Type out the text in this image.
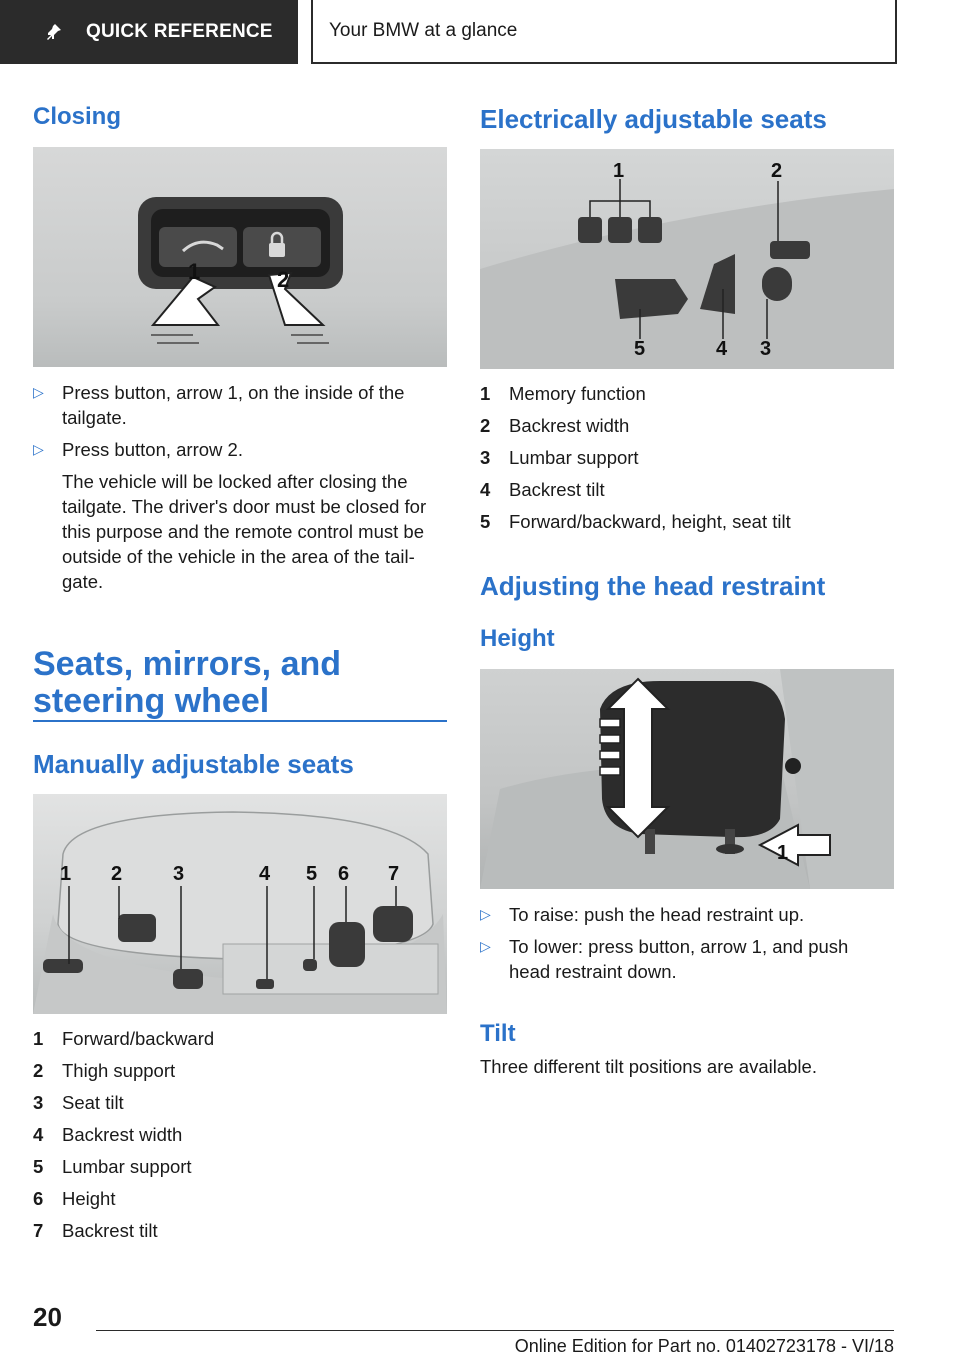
QUICK REFERENCE	Your BMW at a glance
Closing
1	2
▷ Press button, arrow 1, on the inside of the tailgate.
▷ Press button, arrow 2.
The vehicle will be locked after closing the tailgate. The driver's door must be closed for this purpose and the remote control must be outside of the vehicle in the area of the tail-gate.
Seats, mirrors, and steering wheel
Manually adjustable seats
1 2	3	4 5 6 7
1	Forward/backward
2	Thigh support
3	Seat tilt
4	Backrest width
5	Lumbar support
6	Height
7	Backrest tilt
Electrically adjustable seats
1	2
5	4 3
1	Memory function
2	Backrest width
3	Lumbar support
4	Backrest tilt
5	Forward/backward, height, seat tilt
Adjusting the head restraint
Height
1
▷ To raise: push the head restraint up.
▷ To lower: press button, arrow 1, and push head restraint down.
Tilt
Three different tilt positions are available.
20
Online Edition for Part no. 01402723178 - VI/18
